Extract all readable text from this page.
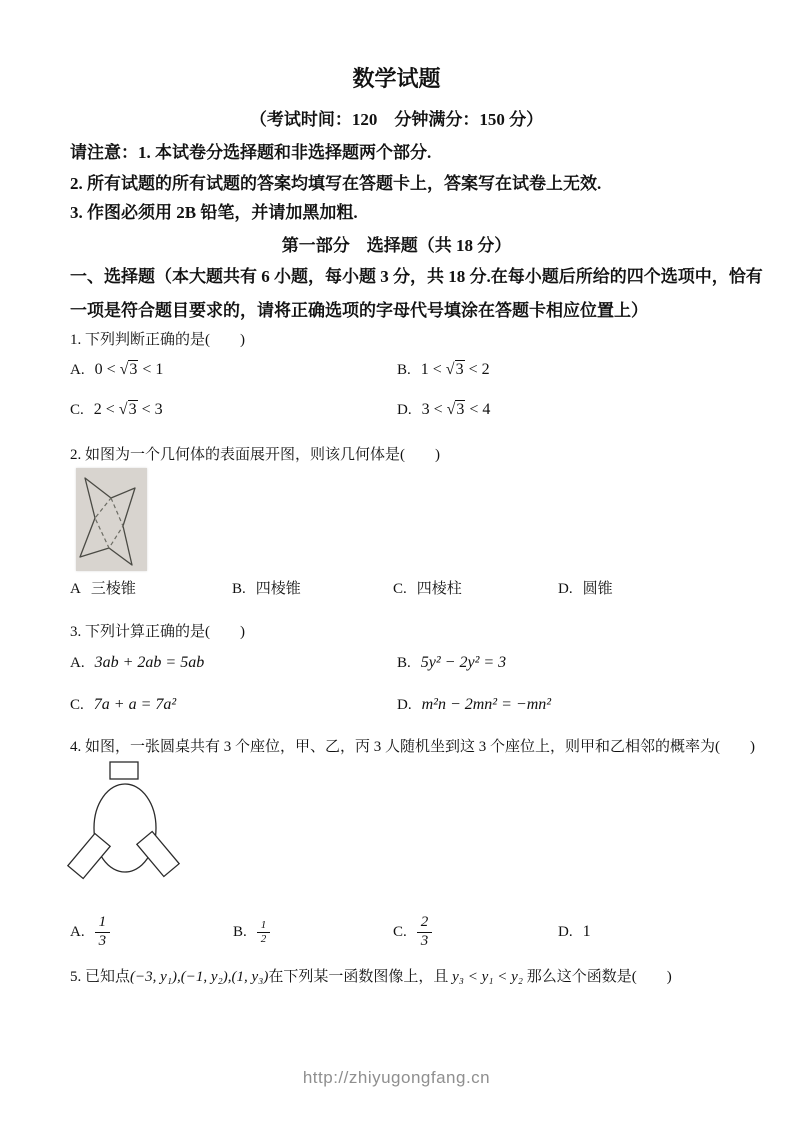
数学试题
（考试时间：120　分钟满分：150 分）
请注意：1. 本试卷分选择题和非选择题两个部分.
2. 所有试题的所有试题的答案均填写在答题卡上，答案写在试卷上无效.
3. 作图必须用 2B 铅笔，并请加黑加粗.
第一部分　选择题（共 18 分）
一、选择题（本大题共有 6 小题，每小题 3 分，共 18 分.在每小题后所给的四个选项中，恰有
一项是符合题目要求的，请将正确选项的字母代号填涂在答题卡相应位置上）
1. 下列判断正确的是(　　)
A. 0 < √3 < 1	B. 1 < √3 < 2
C. 2 < √3 < 3	D. 3 < √3 < 4
2. 如图为一个几何体的表面展开图，则该几何体是(　　)
A 三棱锥	B. 四棱锥	C. 四棱柱	D. 圆锥
3. 下列计算正确的是(　　)
A. 3ab + 2ab = 5ab	B. 5y² − 2y² = 3
C. 7a + a = 7a²	D. m²n − 2mn² = −mn²
4. 如图，一张圆桌共有 3 个座位，甲、乙，丙 3 人随机坐到这 3 个座位上，则甲和乙相邻的概率为(　　)
A. $\frac{1}{3}$	B. $\frac{1}{2}$	C. $\frac{2}{3}$	D. 1
5. 已知点(−3, y₁),(−1, y₂),(1, y₃)在下列某一函数图像上，且 y₃ < y₁ < y₂ 那么这个函数是(　　)
http://zhiyugongfang.cn
